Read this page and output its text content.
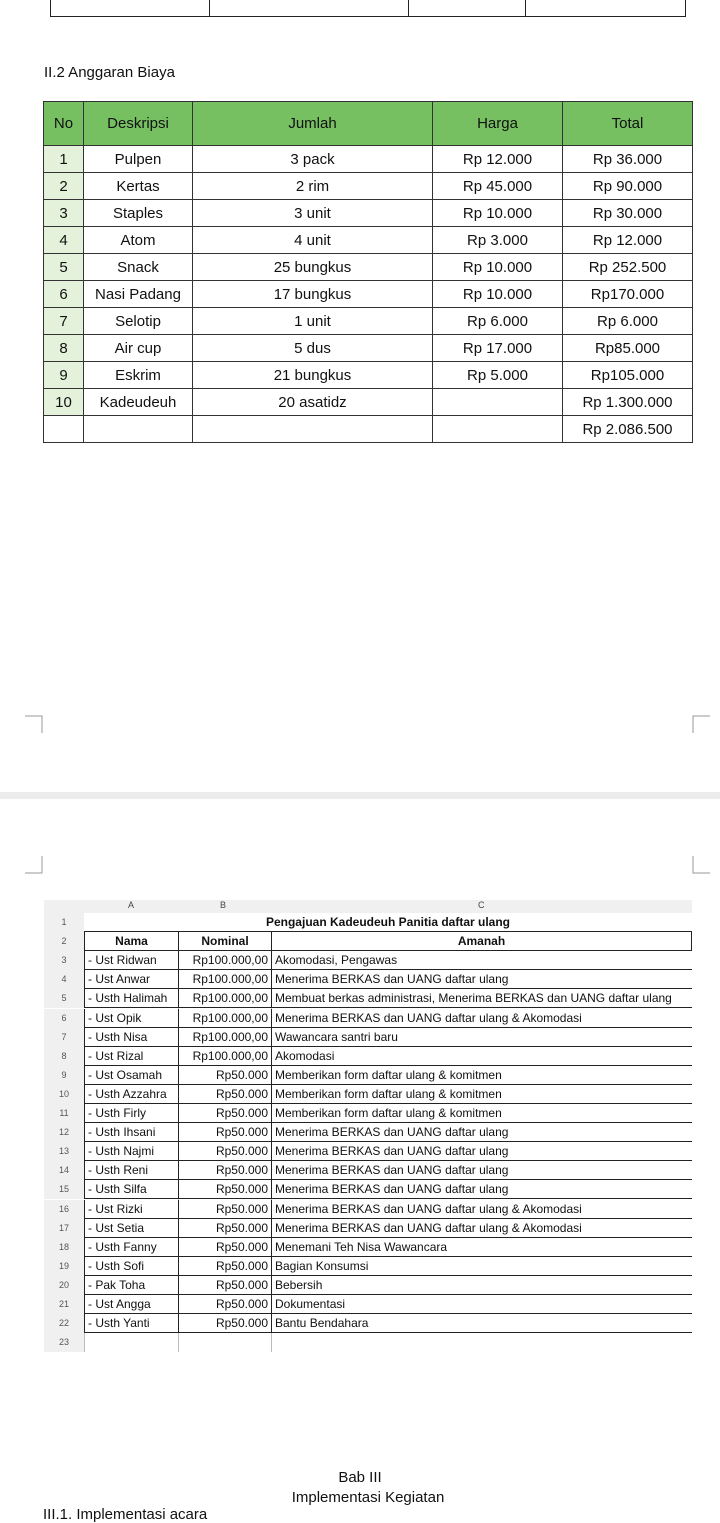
II.2 Anggaran Biaya
No	Deskripsi	Jumlah	Harga	Total
1	Pulpen	3 pack	Rp 12.000	Rp 36.000
2	Kertas	2 rim	Rp 45.000	Rp 90.000
3	Staples	3 unit	Rp 10.000	Rp 30.000
4	Atom	4 unit	Rp 3.000	Rp 12.000
5	Snack	25 bungkus	Rp 10.000	Rp 252.500
6	Nasi Padang	17 bungkus	Rp 10.000	Rp170.000
7	Selotip	1 unit	Rp 6.000	Rp 6.000
8	Air cup	5 dus	Rp 17.000	Rp85.000
9	Eskrim	21 bungkus	Rp 5.000	Rp105.000
10	Kadeudeuh	20 asatidz		Rp 1.300.000
				Rp 2.086.500
A	B	C
1
2
3
4
5
6
7
8
9
10
11
12
13
14
15
16
17
18
19
20
21
22
23
Pengajuan Kadeudeuh Panitia daftar ulang
Nama	Nominal	Amanah
- Ust Ridwan	Rp100.000,00 Akomodasi, Pengawas
- Ust Anwar	Rp100.000,00 Menerima BERKAS dan UANG daftar ulang
- Usth Halimah	Rp100.000,00 Membuat berkas administrasi, Menerima BERKAS dan UANG daftar ulang
- Ust Opik	Rp100.000,00 Menerima BERKAS dan UANG daftar ulang & Akomodasi
- Usth Nisa	Rp100.000,00 Wawancara santri baru
- Ust Rizal	Rp100.000,00 Akomodasi
- Ust Osamah	Rp50.000 Memberikan form daftar ulang & komitmen
- Usth Azzahra	Rp50.000 Memberikan form daftar ulang & komitmen
- Usth Firly	Rp50.000 Memberikan form daftar ulang & komitmen
- Usth Ihsani	Rp50.000 Menerima BERKAS dan UANG daftar ulang
- Usth Najmi	Rp50.000 Menerima BERKAS dan UANG daftar ulang
- Usth Reni	Rp50.000 Menerima BERKAS dan UANG daftar ulang
- Usth Silfa	Rp50.000 Menerima BERKAS dan UANG daftar ulang
- Ust Rizki	Rp50.000 Menerima BERKAS dan UANG daftar ulang & Akomodasi
- Ust Setia	Rp50.000 Menerima BERKAS dan UANG daftar ulang & Akomodasi
- Usth Fanny	Rp50.000 Menemani Teh Nisa Wawancara
- Usth Sofi	Rp50.000 Bagian Konsumsi
- Pak Toha	Rp50.000 Bebersih
- Ust Angga	Rp50.000 Dokumentasi
- Usth Yanti	Rp50.000 Bantu Bendahara
Bab III
Implementasi Kegiatan
III.1. Implementasi acara
